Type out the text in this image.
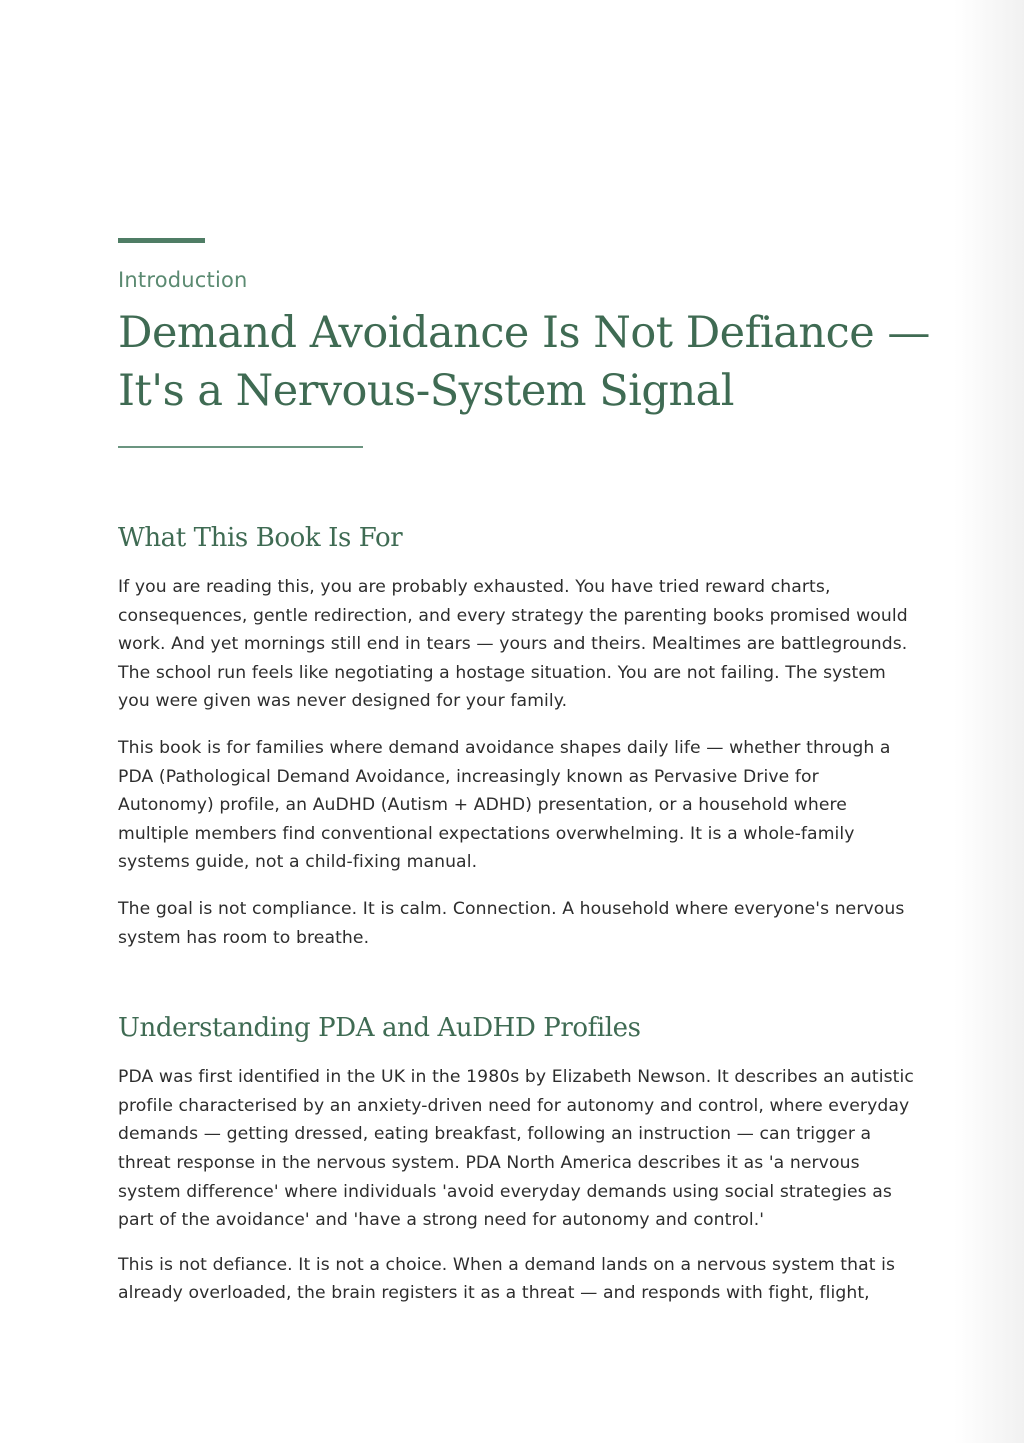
Introduction
Demand Avoidance Is Not Defiance — It's a Nervous-System Signal
What This Book Is For

If you are reading this, you are probably exhausted. You have tried reward charts, consequences, gentle redirection, and every strategy the parenting books promised would work. And yet mornings still end in tears — yours and theirs. Mealtimes are battlegrounds. The school run feels like negotiating a hostage situation. You are not failing. The system you were given was never designed for your family.

This book is for families where demand avoidance shapes daily life — whether through a PDA (Pathological Demand Avoidance, increasingly known as Pervasive Drive for Autonomy) profile, an AuDHD (Autism + ADHD) presentation, or a household where multiple members find conventional expectations overwhelming. It is a whole-family systems guide, not a child-fixing manual.

The goal is not compliance. It is calm. Connection. A household where everyone's nervous system has room to breathe.

Understanding PDA and AuDHD Profiles

PDA was first identified in the UK in the 1980s by Elizabeth Newson. It describes an autistic profile characterised by an anxiety-driven need for autonomy and control, where everyday demands — getting dressed, eating breakfast, following an instruction — can trigger a threat response in the nervous system. PDA North America describes it as 'a nervous system difference' where individuals 'avoid everyday demands using social strategies as part of the avoidance' and 'have a strong need for autonomy and control.'

This is not defiance. It is not a choice. When a demand lands on a nervous system that is already overloaded, the brain registers it as a threat — and responds with fight, flight,
